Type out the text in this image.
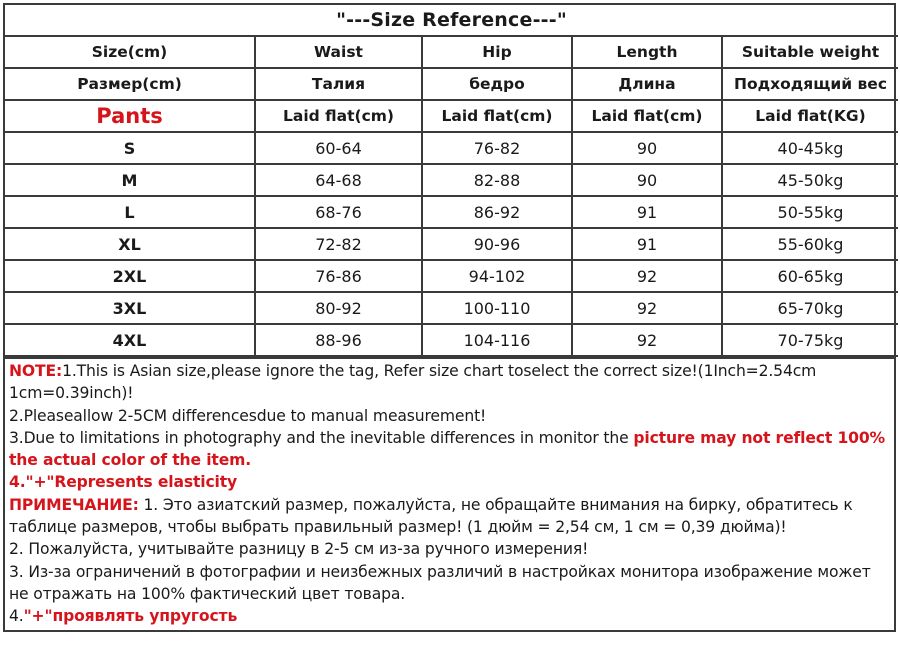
"---Size Reference---"				
Size(cm)	Waist	Hip	Length	Suitable weight
Размер(cm)	Талия	бедро	Длина	Подходящий вес
Pants	Laid flat(cm)	Laid flat(cm)	Laid flat(cm)	Laid flat(KG)
S	60-64	76-82	90	40-45kg
M	64-68	82-88	90	45-50kg
L	68-76	86-92	91	50-55kg
XL	72-82	90-96	91	55-60kg
2XL	76-86	94-102	92	60-65kg
3XL	80-92	100-110	92	65-70kg
4XL	88-96	104-116	92	70-75kg

NOTE:1.This is Asian size,please ignore the tag, Refer size chart toselect the correct size!(1Inch=2.54cm 1cm=0.39inch)!

2.Pleaseallow 2-5CM differencesdue to manual measurement!

3.Due to limitations in photography and the inevitable differences in monitor the picture may not reflect 100% the actual color of the item.

4."+"Represents elasticity

ПРИМЕЧАНИЕ: 1. Это азиатский размер, пожалуйста, не обращайте внимания на бирку, обратитесь к таблице размеров, чтобы выбрать правильный размер! (1 дюйм = 2,54 см, 1 см = 0,39 дюйма)!

2. Пожалуйста, учитывайте разницу в 2-5 см из-за ручного измерения!

3. Из-за ограничений в фотографии и неизбежных различий в настройках монитора изображение может не отражать на 100% фактический цвет товара.

4."+"проявлять упругость
